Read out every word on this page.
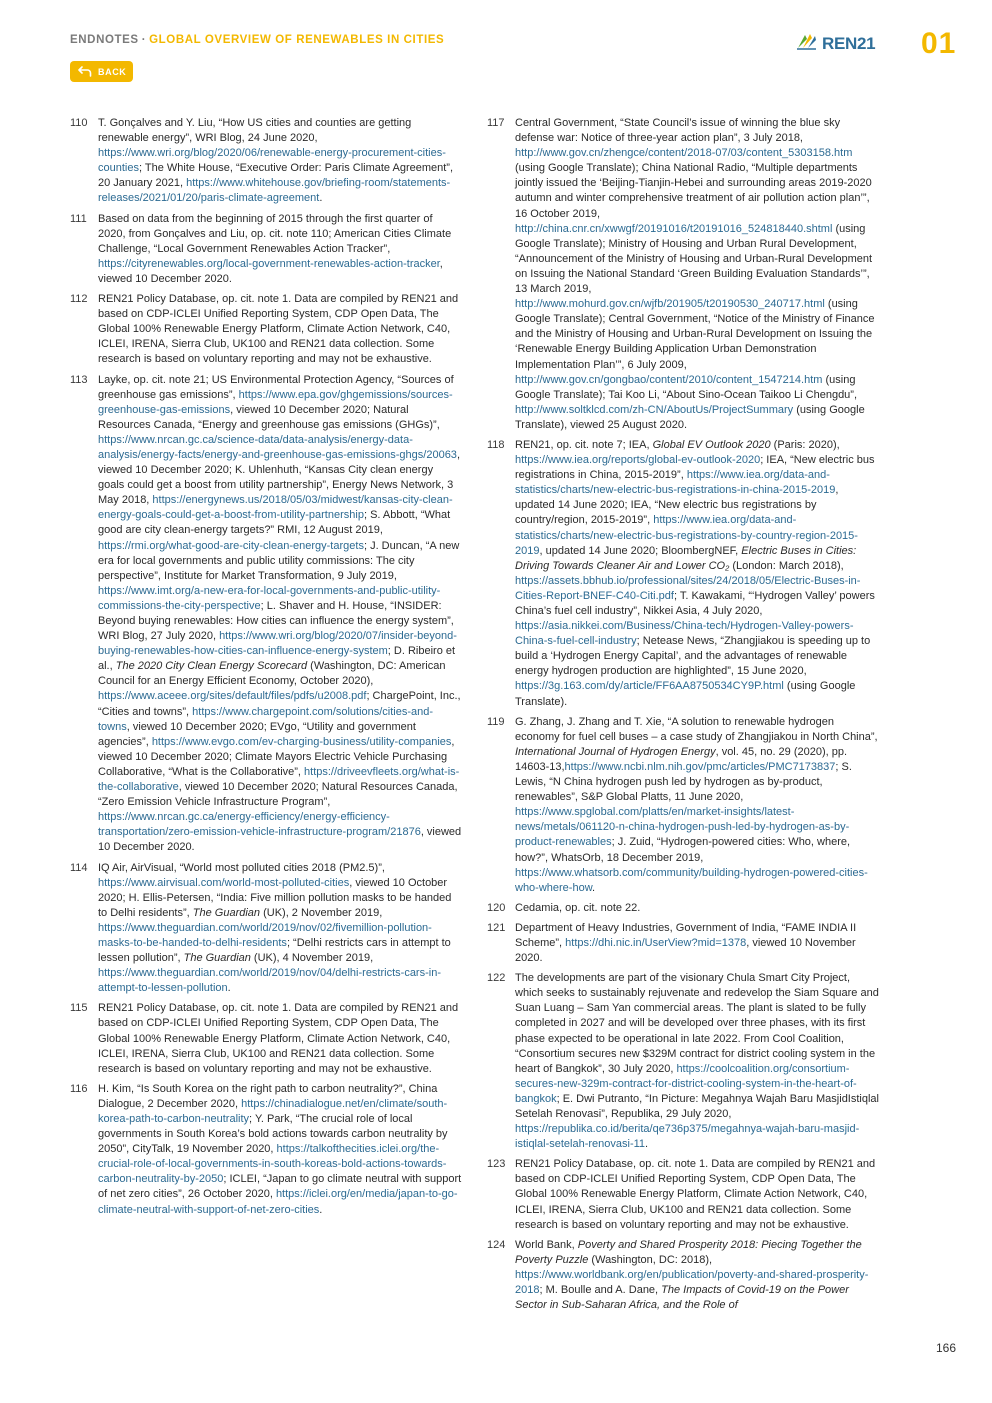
ENDNOTES · GLOBAL OVERVIEW OF RENEWABLES IN CITIES
BACK
REN21 01
110 T. Gonçalves and Y. Liu, “How US cities and counties are getting renewable energy”, WRI Blog, 24 June 2020, https://www.wri.org/blog/2020/06/renewable-energy-procurement-cities-counties; The White House, “Executive Order: Paris Climate Agreement”, 20 January 2021, https://www.whitehouse.gov/briefing-room/statements-releases/2021/01/20/paris-climate-agreement.
111	Based on data from the beginning of 2015 through the first quarter of 2020, from Gonçalves and Liu, op. cit. note 110; American Cities Climate Challenge, “Local Government Renewables Action Tracker”, https://cityrenewables.org/local-government-renewables-action-tracker, viewed 10 December 2020.
112 REN21 Policy Database, op. cit. note 1. Data are compiled by REN21 and based on CDP-ICLEI Unified Reporting System, CDP Open Data, The Global 100% Renewable Energy Platform, Climate Action Network, C40, ICLEI, IRENA, Sierra Club, UK100 and REN21 data collection. Some research is based on voluntary reporting and may not be exhaustive.
113 Layke, op. cit. note 21; US Environmental Protection Agency, “Sources of greenhouse gas emissions”, https://www.epa.gov/ghgemissions/sources-greenhouse-gas-emissions, viewed 10 December 2020; Natural Resources Canada, “Energy and greenhouse gas emissions (GHGs)”, https://www.nrcan.gc.ca/science-data/data-analysis/energy-data-analysis/energy-facts/energy-and-greenhouse-gas-emissions-ghgs/20063, viewed 10 December 2020; K. Uhlenhuth, “Kansas City clean energy goals could get a boost from utility partnership”, Energy News Network, 3 May 2018, https://energynews.us/2018/05/03/midwest/kansas-city-clean-energy-goals-could-get-a-boost-from-utility-partnership; S. Abbott, “What good are city clean-energy targets?” RMI, 12 August 2019, https://rmi.org/what-good-are-city-clean-energy-targets; J. Duncan, “A new era for local governments and public utility commissions: The city perspective”, Institute for Market Transformation, 9 July 2019, https://www.imt.org/a-new-era-for-local-governments-and-public-utility-commissions-the-city-perspective; L. Shaver and H. House, “INSIDER: Beyond buying renewables: How cities can influence the energy system”, WRI Blog, 27 July 2020, https://www.wri.org/blog/2020/07/insider-beyond-buying-renewables-how-cities-can-influence-energy-system; D. Ribeiro et al., The 2020 City Clean Energy Scorecard (Washington, DC: American Council for an Energy Efficient Economy, October 2020), https://www.aceee.org/sites/default/files/pdfs/u2008.pdf; ChargePoint, Inc., “Cities and towns”, https://www.chargepoint.com/solutions/cities-and-towns, viewed 10 December 2020; EVgo, “Utility and government agencies”, https://www.evgo.com/ev-charging-business/utility-companies, viewed 10 December 2020; Climate Mayors Electric Vehicle Purchasing Collaborative, “What is the Collaborative”, https://driveevfleets.org/what-is-the-collaborative, viewed 10 December 2020; Natural Resources Canada, “Zero Emission Vehicle Infrastructure Program”, https://www.nrcan.gc.ca/energy-efficiency/energy-efficiency-transportation/zero-emission-vehicle-infrastructure-program/21876, viewed 10 December 2020.
114 IQ Air, AirVisual, “World most polluted cities 2018 (PM2.5)”, https://www.airvisual.com/world-most-polluted-cities, viewed 10 October 2020; H. Ellis-Petersen, “India: Five million pollution masks to be handed to Delhi residents”, The Guardian (UK), 2 November 2019, https://www.theguardian.com/world/2019/nov/02/fivemillion-pollution-masks-to-be-handed-to-delhi-residents; “Delhi restricts cars in attempt to lessen pollution”, The Guardian (UK), 4 November 2019, https://www.theguardian.com/world/2019/nov/04/delhi-restricts-cars-in-attempt-to-lessen-pollution.
115 REN21 Policy Database, op. cit. note 1. Data are compiled by REN21 and based on CDP-ICLEI Unified Reporting System, CDP Open Data, The Global 100% Renewable Energy Platform, Climate Action Network, C40, ICLEI, IRENA, Sierra Club, UK100 and REN21 data collection. Some research is based on voluntary reporting and may not be exhaustive.
116 H. Kim, “Is South Korea on the right path to carbon neutrality?”, China Dialogue, 2 December 2020, https://chinadialogue.net/en/climate/south-korea-path-to-carbon-neutrality; Y. Park, “The crucial role of local governments in South Korea’s bold actions towards carbon neutrality by 2050”, CityTalk, 19 November 2020, https://talkofthecities.iclei.org/the-crucial-role-of-local-governments-in-south-koreas-bold-actions-towards-carbon-neutrality-by-2050; ICLEI, “Japan to go climate neutral with support of net zero cities”, 26 October 2020, https://iclei.org/en/media/japan-to-go-climate-neutral-with-support-of-net-zero-cities.
117 Central Government, “State Council’s issue of winning the blue sky defense war: Notice of three-year action plan”, 3 July 2018, http://www.gov.cn/zhengce/content/2018-07/03/content_5303158.htm (using Google Translate); China National Radio, “Multiple departments jointly issued the ‘Beijing-Tianjin-Hebei and surrounding areas 2019-2020 autumn and winter comprehensive treatment of air pollution action plan’”, 16 October 2019, http://china.cnr.cn/xwwgf/20191016/t20191016_524818440.shtml (using Google Translate); Ministry of Housing and Urban Rural Development, “Announcement of the Ministry of Housing and Urban-Rural Development on Issuing the National Standard ‘Green Building Evaluation Standards’”, 13 March 2019, http://www.mohurd.gov.cn/wjfb/201905/t20190530_240717.html (using Google Translate); Central Government, “Notice of the Ministry of Finance and the Ministry of Housing and Urban-Rural Development on Issuing the ‘Renewable Energy Building Application Urban Demonstration Implementation Plan’”, 6 July 2009, http://www.gov.cn/gongbao/content/2010/content_1547214.htm (using Google Translate); Tai Koo Li, “About Sino-Ocean Taikoo Li Chengdu”, http://www.soltklcd.com/zh-CN/AboutUs/ProjectSummary (using Google Translate), viewed 25 August 2020.
118 REN21, op. cit. note 7; IEA, Global EV Outlook 2020 (Paris: 2020), https://www.iea.org/reports/global-ev-outlook-2020; IEA, “New electric bus registrations in China, 2015-2019”, https://www.iea.org/data-and-statistics/charts/new-electric-bus-registrations-in-china-2015-2019, updated 14 June 2020; IEA, “New electric bus registrations by country/region, 2015-2019”, https://www.iea.org/data-and-statistics/charts/new-electric-bus-registrations-by-country-region-2015-2019, updated 14 June 2020; BloombergNEF, Electric Buses in Cities: Driving Towards Cleaner Air and Lower CO₂ (London: March 2018), https://assets.bbhub.io/professional/sites/24/2018/05/Electric-Buses-in-Cities-Report-BNEF-C40-Citi.pdf; T. Kawakami, “‘Hydrogen Valley’ powers China’s fuel cell industry”, Nikkei Asia, 4 July 2020, https://asia.nikkei.com/Business/China-tech/Hydrogen-Valley-powers-China-s-fuel-cell-industry; Netease News, “Zhangjiakou is speeding up to build a ‘Hydrogen Energy Capital’, and the advantages of renewable energy hydrogen production are highlighted”, 15 June 2020, https://3g.163.com/dy/article/FF6AA8750534CY9P.html (using Google Translate).
119 G. Zhang, J. Zhang and T. Xie, “A solution to renewable hydrogen economy for fuel cell buses – a case study of Zhangjiakou in North China”, International Journal of Hydrogen Energy, vol. 45, no. 29 (2020), pp. 14603-13,https://www.ncbi.nlm.nih.gov/pmc/articles/PMC7173837; S. Lewis, “N China hydrogen push led by hydrogen as by-product, renewables”, S&P Global Platts, 11 June 2020, https://www.spglobal.com/platts/en/market-insights/latest-news/metals/061120-n-china-hydrogen-push-led-by-hydrogen-as-by-product-renewables; J. Zuid, “Hydrogen-powered cities: Who, where, how?”, WhatsOrb, 18 December 2019, https://www.whatsorb.com/community/building-hydrogen-powered-cities-who-where-how.
120 Cedamia, op. cit. note 22.
121 Department of Heavy Industries, Government of India, “FAME INDIA II Scheme”, https://dhi.nic.in/UserView?mid=1378, viewed 10 November 2020.
122 The developments are part of the visionary Chula Smart City Project, which seeks to sustainably rejuvenate and redevelop the Siam Square and Suan Luang – Sam Yan commercial areas. The plant is slated to be fully completed in 2027 and will be developed over three phases, with its first phase expected to be operational in late 2022. From Cool Coalition, “Consortium secures new $329M contract for district cooling system in the heart of Bangkok”, 30 July 2020, https://coolcoalition.org/consortium-secures-new-329m-contract-for-district-cooling-system-in-the-heart-of-bangkok; E. Dwi Putranto, “In Picture: Megahnya Wajah Baru MasjidIstiqlal Setelah Renovasi”, Republika, 29 July 2020, https://republika.co.id/berita/qe736p375/megahnya-wajah-baru-masjid-istiqlal-setelah-renovasi-11.
123 REN21 Policy Database, op. cit. note 1. Data are compiled by REN21 and based on CDP-ICLEI Unified Reporting System, CDP Open Data, The Global 100% Renewable Energy Platform, Climate Action Network, C40, ICLEI, IRENA, Sierra Club, UK100 and REN21 data collection. Some research is based on voluntary reporting and may not be exhaustive.
124 World Bank, Poverty and Shared Prosperity 2018: Piecing Together the Poverty Puzzle (Washington, DC: 2018), https://www.worldbank.org/en/publication/poverty-and-shared-prosperity-2018; M. Boulle and A. Dane, The Impacts of Covid-19 on the Power Sector in Sub-Saharan Africa, and the Role of
166
